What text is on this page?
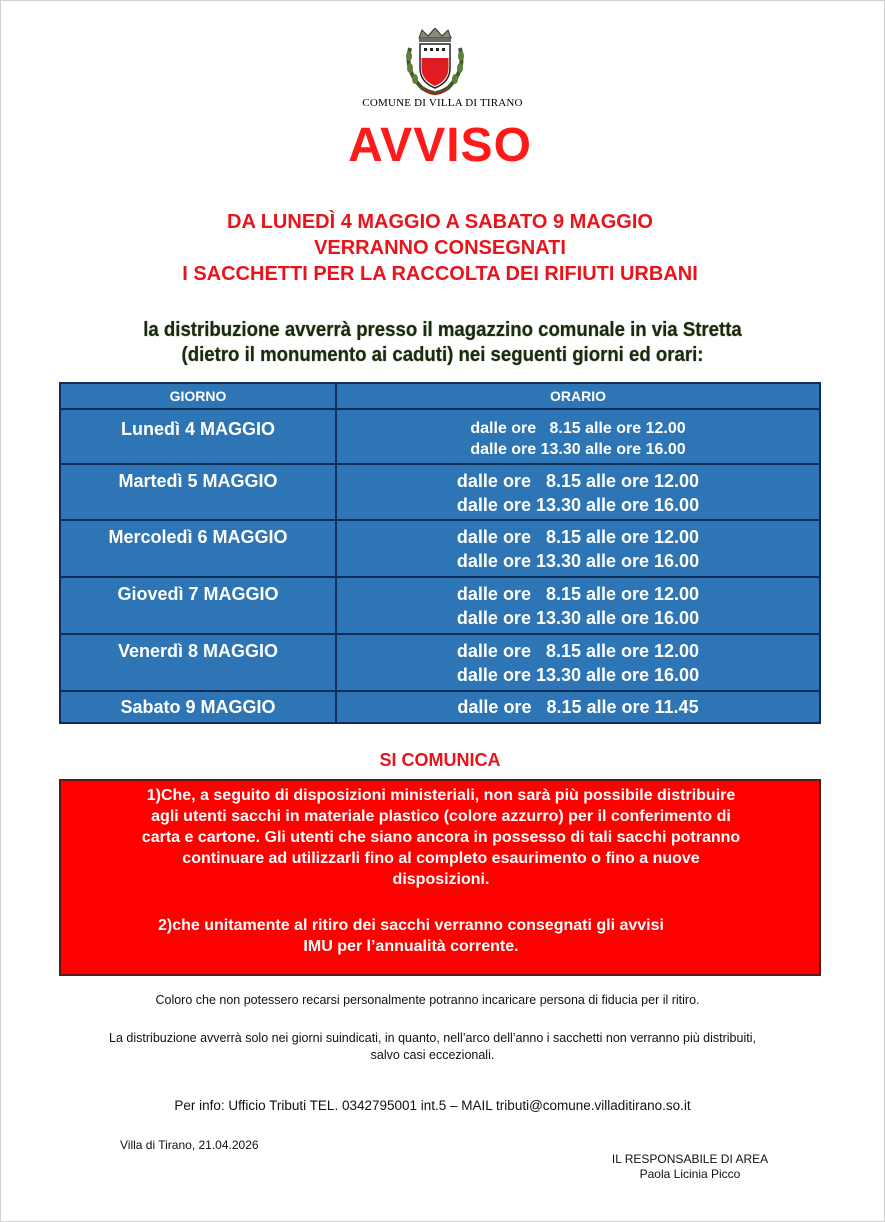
COMUNE DI VILLA DI TIRANO
AVVISO
DA LUNEDÌ 4 MAGGIO A SABATO 9 MAGGIO
VERRANNO CONSEGNATI
I SACCHETTI PER LA RACCOLTA DEI RIFIUTI URBANI
la distribuzione avverrà presso il magazzino comunale in via Stretta
(dietro il monumento ai caduti) nei seguenti giorni ed orari:
GIORNO	ORARIO
Lunedì 4 MAGGIO	dalle ore   8.15 alle ore 12.00
dalle ore 13.30 alle ore 16.00
Martedì 5 MAGGIO	dalle ore   8.15 alle ore 12.00
dalle ore 13.30 alle ore 16.00
Mercoledì 6 MAGGIO	dalle ore   8.15 alle ore 12.00
dalle ore 13.30 alle ore 16.00
Giovedì 7 MAGGIO	dalle ore   8.15 alle ore 12.00
dalle ore 13.30 alle ore 16.00
Venerdì 8 MAGGIO	dalle ore   8.15 alle ore 12.00
dalle ore 13.30 alle ore 16.00
Sabato 9 MAGGIO	dalle ore   8.15 alle ore 11.45
SI COMUNICA

1)Che, a seguito di disposizioni ministeriali, non sarà più possibile distribuire
agli utenti sacchi in materiale plastico (colore azzurro) per il conferimento di
carta e cartone. Gli utenti che siano ancora in possesso di tali sacchi potranno
continuare ad utilizzarli fino al completo esaurimento o fino a nuove
disposizioni.

2)che unitamente al ritiro dei sacchi verranno consegnati gli avvisi
IMU per l’annualità corrente.

Coloro che non potessero recarsi personalmente potranno incaricare persona di fiducia per il ritiro.
La distribuzione avverrà solo nei giorni suindicati, in quanto, nell’arco dell’anno i sacchetti non verranno più distribuiti,
salvo casi eccezionali.
Per info: Ufficio Tributi TEL. 0342795001 int.5 – MAIL tributi@comune.villaditirano.so.it
Villa di Tirano, 21.04.2026
IL RESPONSABILE DI AREA
Paola Licinia Picco
